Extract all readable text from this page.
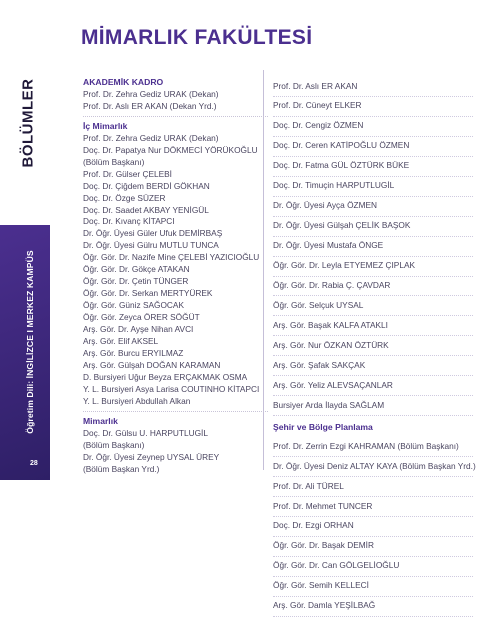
BÖLÜMLER
Öğretim Dili: İNGİLİZCE I MERKEZ KAMPÜS
28
MİMARLIK FAKÜLTESİ
AKADEMİK KADRO
Prof. Dr. Zehra Gediz URAK (Dekan)
Prof. Dr. Aslı ER AKAN (Dekan Yrd.)
İç Mimarlık
Prof. Dr. Zehra Gediz URAK (Dekan)
Doç. Dr. Papatya Nur DÖKMECİ YÖRÜKOĞLU
(Bölüm Başkanı)
Prof. Dr. Gülser ÇELEBİ
Doç. Dr. Çiğdem BERDİ GÖKHAN
Doç. Dr. Özge SÜZER
Doç. Dr. Saadet AKBAY YENİGÜL
Doç. Dr. Kıvanç KİTAPCI
Dr. Öğr. Üyesi Güler Ufuk DEMİRBAŞ
Dr. Öğr. Üyesi Gülru MUTLU TUNCA
Öğr. Gör. Dr. Nazife Mine ÇELEBİ YAZICIOĞLU
Öğr. Gör. Dr. Gökçe ATAKAN
Öğr. Gör. Dr. Çetin TÜNGER
Öğr. Gör. Dr. Serkan MERTYÜREK
Öğr. Gör. Güniz SAĞOCAK
Öğr. Gör. Zeyca ÖRER SÖĞÜT
Arş. Gör. Dr. Ayşe Nihan AVCI
Arş. Gör. Elif AKSEL
Arş. Gör. Burcu ERYILMAZ
Arş. Gör. Gülşah DOĞAN KARAMAN
D. Bursiyeri Uğur Beyza ERÇAKMAK OSMA
Y. L. Bursiyeri Asya Larisa COUTINHO KİTAPCI
Y. L. Bursiyeri Abdullah Alkan
Mimarlık
Doç. Dr. Gülsu U. HARPUTLUGİL
(Bölüm Başkanı)
Dr. Öğr. Üyesi Zeynep UYSAL ÜREY
(Bölüm Başkan Yrd.)
Prof. Dr. Aslı ER AKAN
Prof. Dr. Cüneyt ELKER
Doç. Dr. Cengiz ÖZMEN
Doç. Dr. Ceren KATİPOĞLU ÖZMEN
Doç. Dr. Fatma GÜL ÖZTÜRK BÜKE
Doç. Dr. Timuçin HARPUTLUGİL
Dr. Öğr. Üyesi Ayça ÖZMEN
Dr. Öğr. Üyesi Gülşah ÇELİK BAŞOK
Dr. Öğr. Üyesi Mustafa ÖNGE
Öğr. Gör. Dr. Leyla ETYEMEZ ÇIPLAK
Öğr. Gör. Dr. Rabia Ç. ÇAVDAR
Öğr. Gör. Selçuk UYSAL
Arş. Gör. Başak KALFA ATAKLI
Arş. Gör. Nur ÖZKAN ÖZTÜRK
Arş. Gör. Şafak SAKÇAK
Arş. Gör. Yeliz ALEVSAÇANLAR
Bursiyer Arda İlayda SAĞLAM
Şehir ve Bölge Planlama
Prof. Dr. Zerrin Ezgi KAHRAMAN (Bölüm Başkanı)
Dr. Öğr. Üyesi Deniz ALTAY KAYA (Bölüm Başkan Yrd.)
Prof. Dr. Ali TÜREL
Prof. Dr. Mehmet TUNCER
Doç. Dr. Ezgi ORHAN
Öğr. Gör. Dr. Başak DEMİR
Öğr. Gör. Dr. Can GÖLGELİOĞLU
Öğr. Gör. Semih KELLECİ
Arş. Gör. Damla YEŞİLBAĞ
